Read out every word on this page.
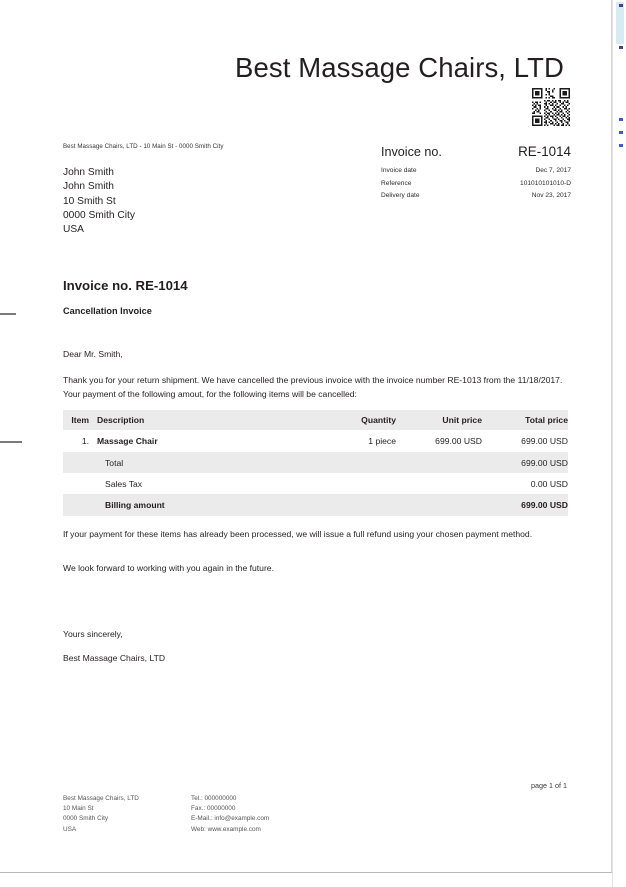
Best Massage Chairs, LTD
Best Massage Chairs, LTD - 10 Main St - 0000 Smith City
John Smith
John Smith
10 Smith St
0000 Smith City
USA
Invoice no.	RE-1014
Invoice date	Dec 7, 2017
Reference	101010101010-D
Delivery date	Nov 23, 2017
Invoice no. RE-1014
Cancellation Invoice
Dear Mr. Smith,
Thank you for your return shipment. We have cancelled the previous invoice with the invoice number RE-1013 from the 11/18/2017. Your payment of the following amout, for the following items will be cancelled:
Item Description	Quantity	Unit price	Total price
1. Massage Chair	1 piece	699.00 USD	699.00 USD
Total	699.00 USD
Sales Tax	0.00 USD
Billing amount	699.00 USD
If your payment for these items has already been processed, we will issue a full refund using your chosen payment method.
We look forward to working with you again in the future.
Yours sincerely,
Best Massage Chairs, LTD
page 1 of 1
Best Massage Chairs, LTD
10 Main St
0000 Smith City
USA
Tel.: 000000000
Fax.: 00000000
E-Mail.: info@example.com
Web: www.example.com
